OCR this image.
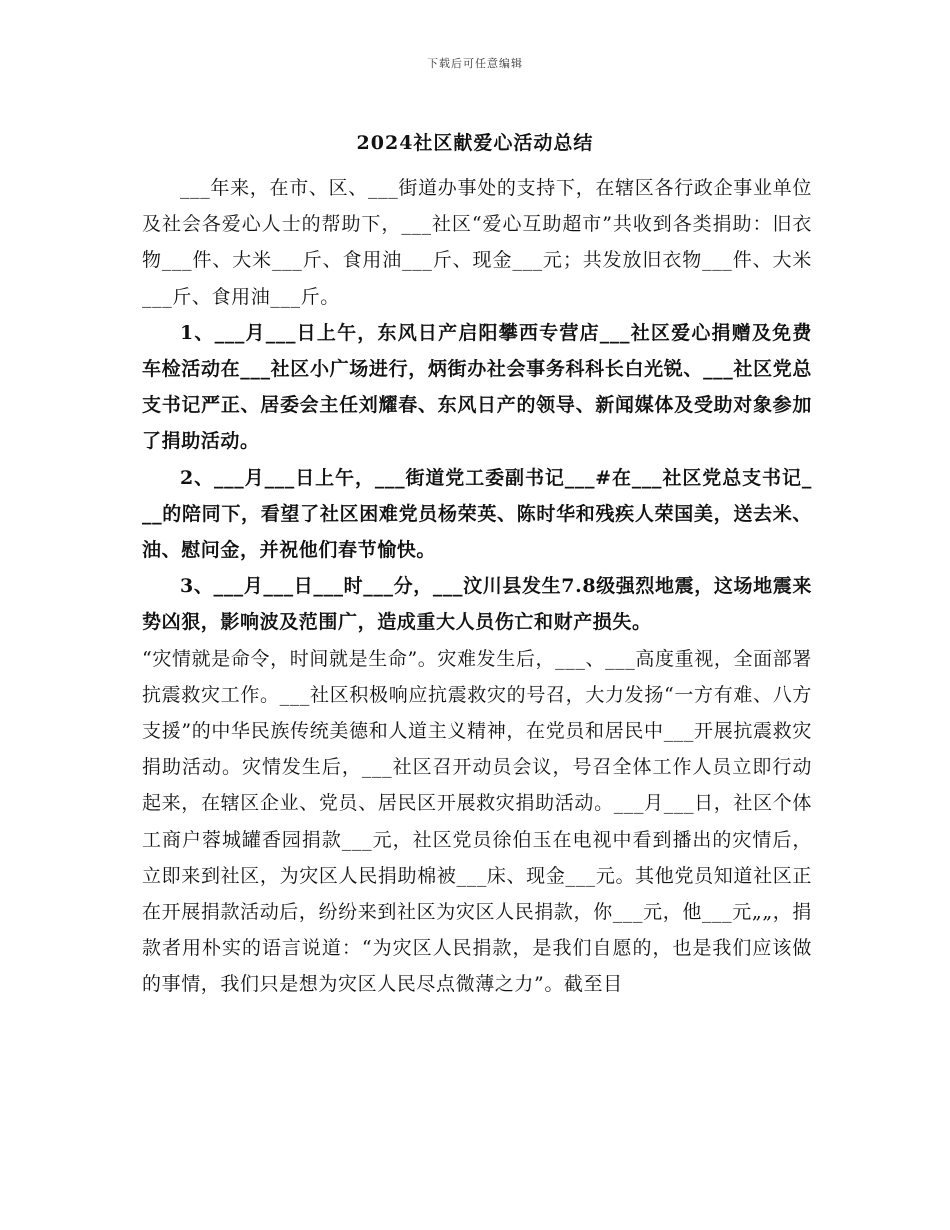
下载后可任意编辑
2024社区献爱心活动总结

___年来，在市、区、___街道办事处的支持下，在辖区各行政企事业单位及社会各爱心人士的帮助下，___社区“爱心互助超市”共收到各类捐助：旧衣物___件、大米___斤、食用油___斤、现金___元；共发放旧衣物___件、大米___斤、食用油___斤。

1、___月___日上午，东风日产启阳攀西专营店___社区爱心捐赠及免费车检活动在___社区小广场进行，炳街办社会事务科科长白光锐、___社区党总支书记严正、居委会主任刘耀春、东风日产的领导、新闻媒体及受助对象参加了捐助活动。

2、___月___日上午，___街道党工委副书记___#在___社区党总支书记___的陪同下，看望了社区困难党员杨荣英、陈时华和残疾人荣国美，送去米、油、慰问金，并祝他们春节愉快。

3、___月___日___时___分，___汶川县发生7.8级强烈地震，这场地震来势凶狠，影响波及范围广，造成重大人员伤亡和财产损失。

“灾情就是命令，时间就是生命”。灾难发生后，___、___高度重视，全面部署抗震救灾工作。___社区积极响应抗震救灾的号召，大力发扬“一方有难、八方支援”的中华民族传统美德和人道主义精神，在党员和居民中___开展抗震救灾捐助活动。灾情发生后，___社区召开动员会议，号召全体工作人员立即行动起来，在辖区企业、党员、居民区开展救灾捐助活动。___月___日，社区个体工商户蓉城罐香园捐款___元，社区党员徐伯玉在电视中看到播出的灾情后，立即来到社区，为灾区人民捐助棉被___床、现金___元。其他党员知道社区正在开展捐款活动后，纷纷来到社区为灾区人民捐款，你___元，他___元„„，捐款者用朴实的语言说道：“为灾区人民捐款，是我们自愿的，也是我们应该做的事情，我们只是想为灾区人民尽点微薄之力”。截至目
